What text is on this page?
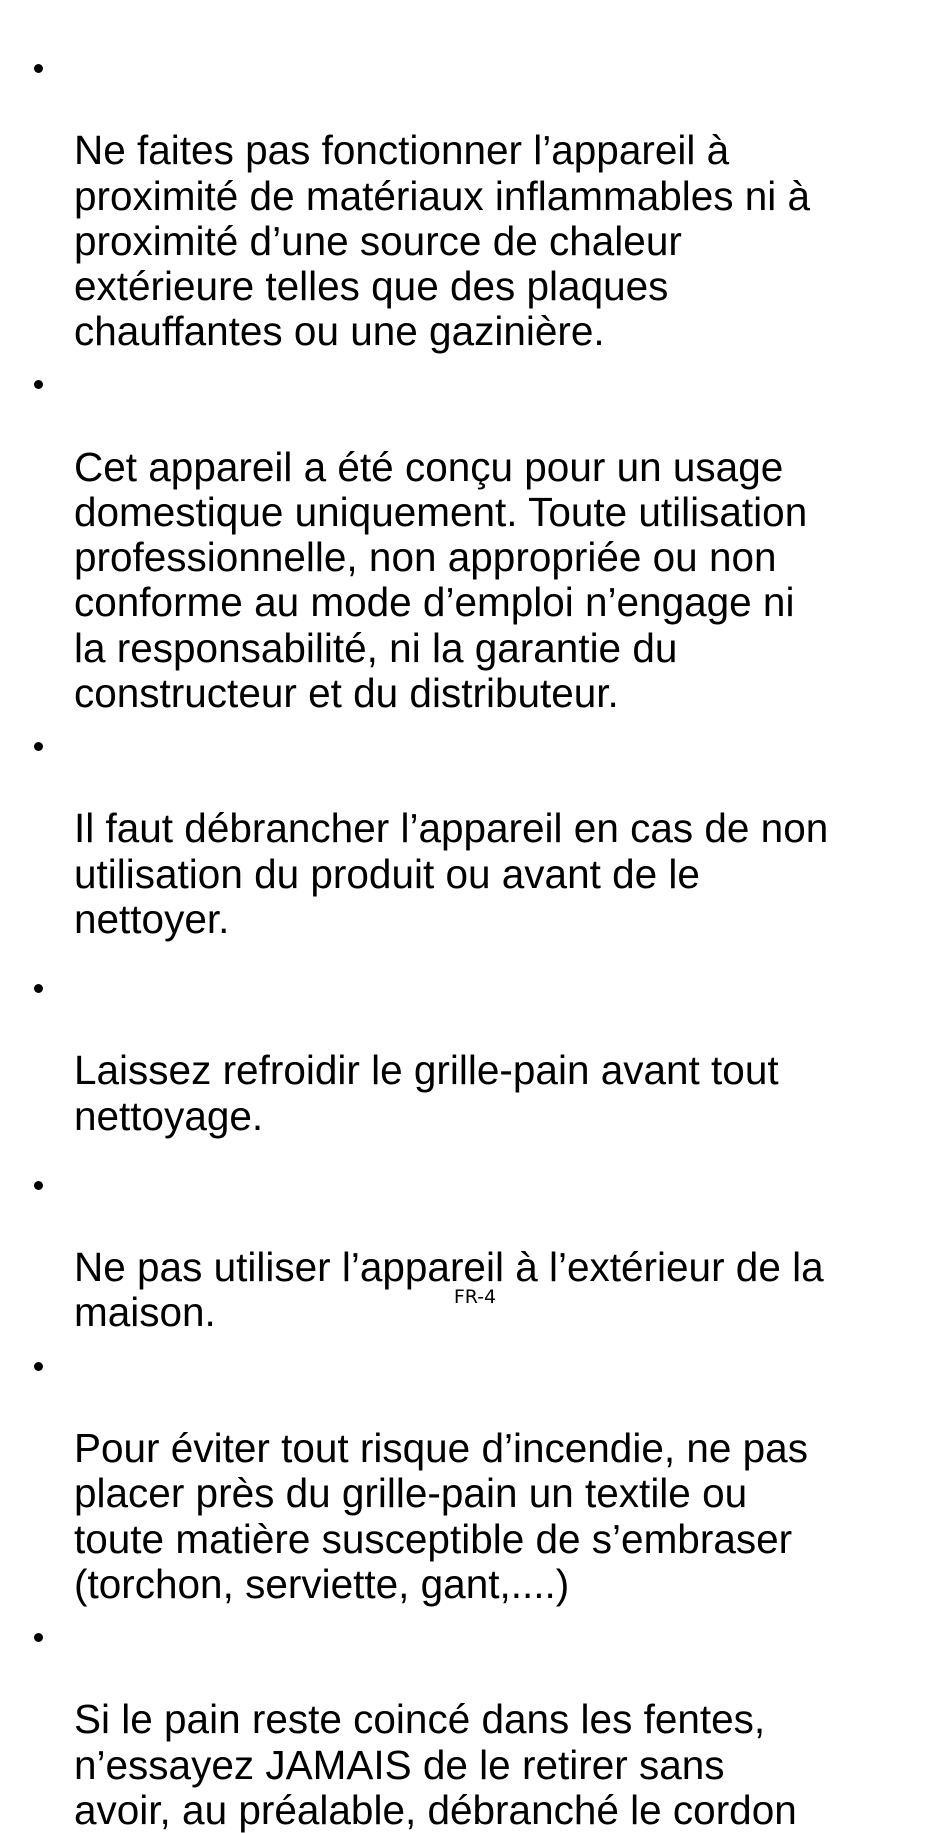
Ne faites pas fonctionner l’appareil à
proximité de matériaux inflammables ni à
proximité d’une source de chaleur
extérieure telles que des plaques
chauffantes ou une gazinière.

Cet appareil a été conçu pour un usage
domestique uniquement. Toute utilisation
professionnelle, non appropriée ou non
conforme au mode d’emploi n’engage ni
la responsabilité, ni la garantie du
constructeur et du distributeur.

Il faut débrancher l’appareil en cas de non
utilisation du produit ou avant de le
nettoyer.

Laissez refroidir le grille-pain avant tout
nettoyage.

Ne pas utiliser l’appareil à l’extérieur de la
maison.

Pour éviter tout risque d’incendie, ne pas
placer près du grille-pain un textile ou
toute matière susceptible de s’embraser
(torchon, serviette, gant,....)

Si le pain reste coincé dans les fentes,
n’essayez JAMAIS de le retirer sans
avoir, au préalable, débranché le cordon

FR-4
